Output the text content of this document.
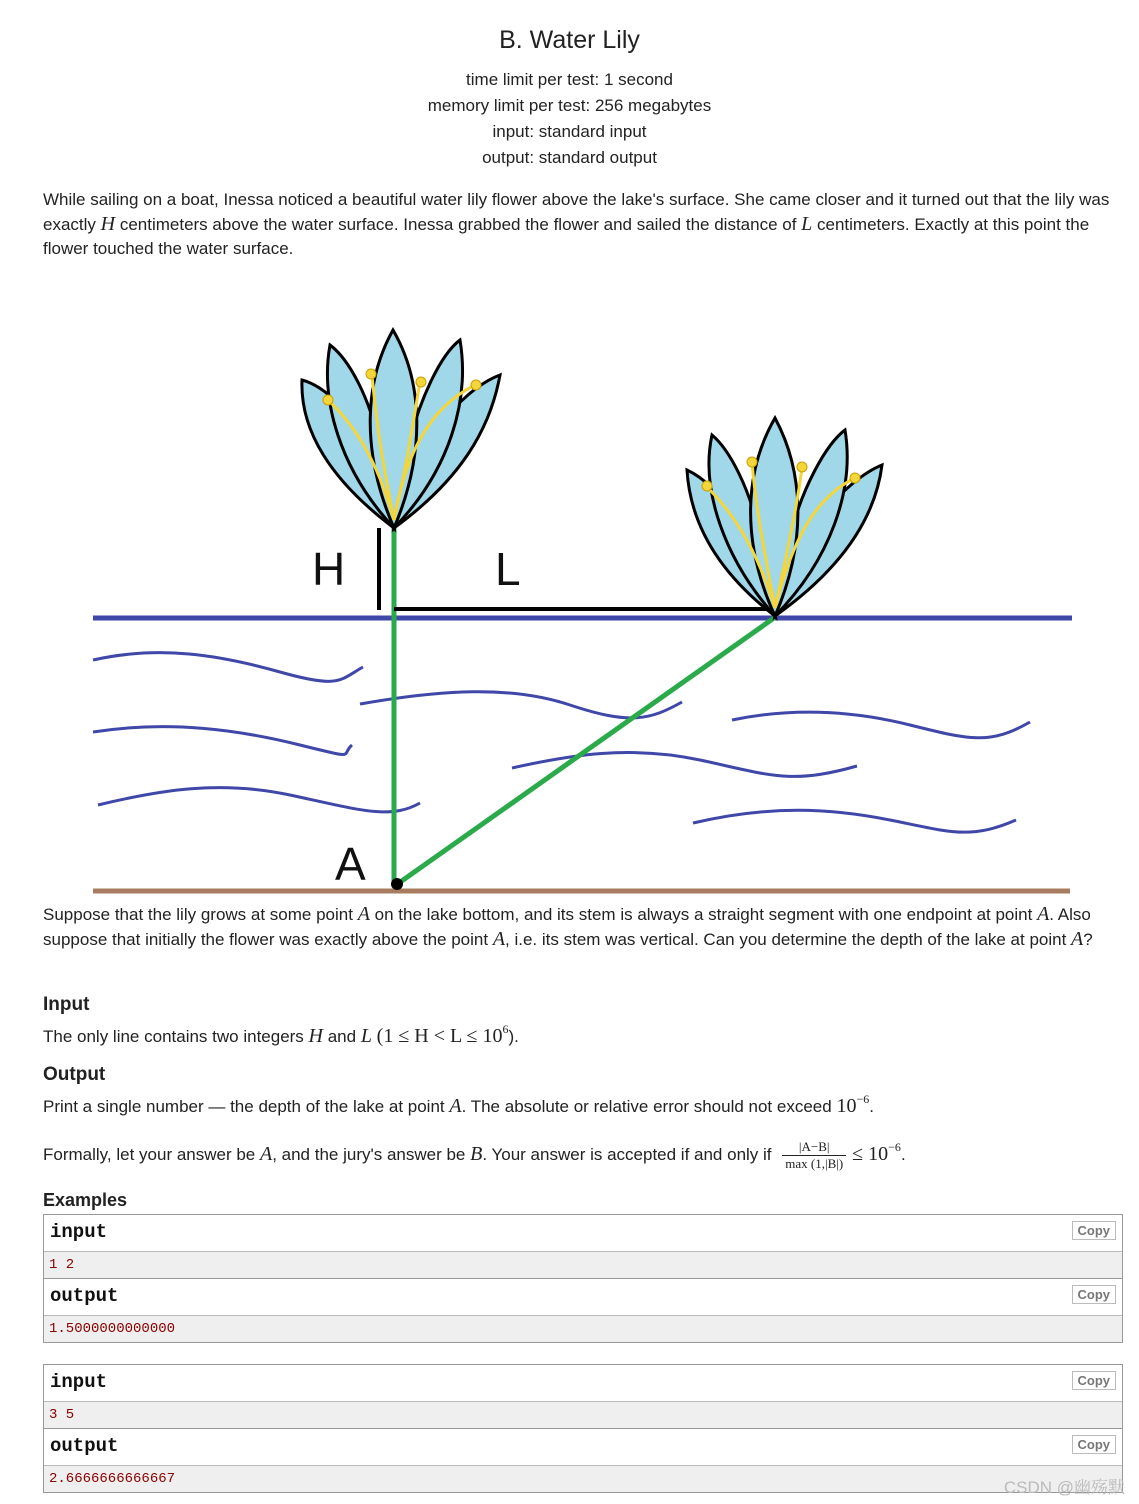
B. Water Lily
time limit per test: 1 second
memory limit per test: 256 megabytes
input: standard input
output: standard output
While sailing on a boat, Inessa noticed a beautiful water lily flower above the lake's surface. She came closer and it turned out that the lily was exactly H centimeters above the water surface. Inessa grabbed the flower and sailed the distance of L centimeters. Exactly at this point the flower touched the water surface.
H	L
A
Suppose that the lily grows at some point A on the lake bottom, and its stem is always a straight segment with one endpoint at point A. Also suppose that initially the flower was exactly above the point A, i.e. its stem was vertical. Can you determine the depth of the lake at point A?
Input
The only line contains two integers H and L $(1 \le H < L \le 10^6)$.
Output
Print a single number — the depth of the lake at point A. The absolute or relative error should not exceed $10^{-6}$.
Formally, let your answer be A, and the jury's answer be B. Your answer is accepted if and only if $\frac{|A-B|}{\max (1,|B|)} \le 10^{-6}$.
Examples
input	Copy
1 2
output	Copy
1.5000000000000
input	Copy
3 5
output	Copy
2.6666666666667	CSDN @幽殇默
